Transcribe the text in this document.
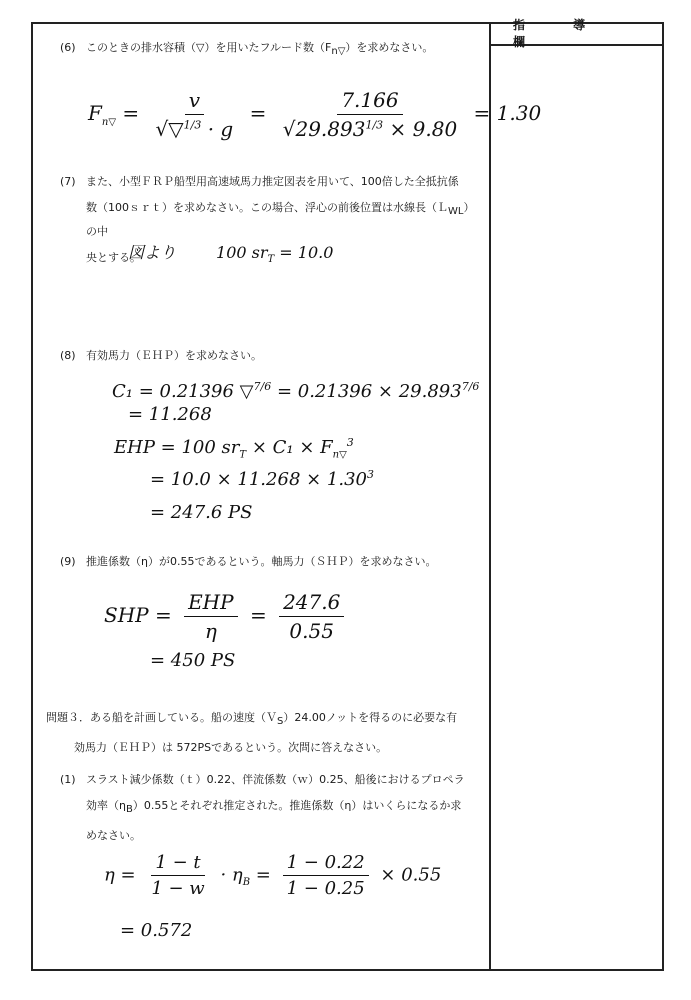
指 導 欄
(6) このときの排水容積（▽）を用いたフルード数$(F_{n▽})$を求めなさい。
$F_{n▽} = \frac{v}{√▽^{1/3} \cdot g} = \frac{7.166}{√29.893^{1/3} \times 9.80} = 1.30$
(7) また、小型ＦＲＰ船型用高速域馬力推定図表を用いて、100倍した全抵抗係
数（100ｓｒｔ）を求めなさい。この場合、浮心の前後位置は水線長（Ｌ$_{WL}$）の中
央とする。
図より	100 $sr_T = 10.0$
(8) 有効馬力（ＥＨＰ）を求めなさい。
C₁ = 0.21396 ▽$^{7/6}$ = $0.21396 \times 29.893^{7/6}$
= 11.268
EHP = 100 $sr_T \times C_1 \times F_{n▽}^3$
= $10.0 \times 11.268 \times 1.30^3$
= 247.6 PS
(9) 推進係数（η）が0.55であるという。軸馬力（ＳＨＰ）を求めなさい。
SHP = $\frac{\text{EHP}}{\eta} = \frac{247.6}{0.55}$
= 450 PS
問題３．ある船を計画している。船の速度（Ｖ$_S$）24.00ノットを得るのに必要な有
効馬力（ＥＨＰ）は 572PSであるという。次問に答えなさい。
(1) スラスト減少係数（ｔ）0.22、伴流係数（ｗ）0.25、船後におけるプロペラ
効率$(\eta_B)0.55$とそれぞれ推定された。推進係数（η）はいくらになるか求
めなさい。
$\eta = \frac{1 - t}{1 - w} \cdot \eta_B = \frac{1 - 0.22}{1 - 0.25} \times 0.55$
= 0.572
